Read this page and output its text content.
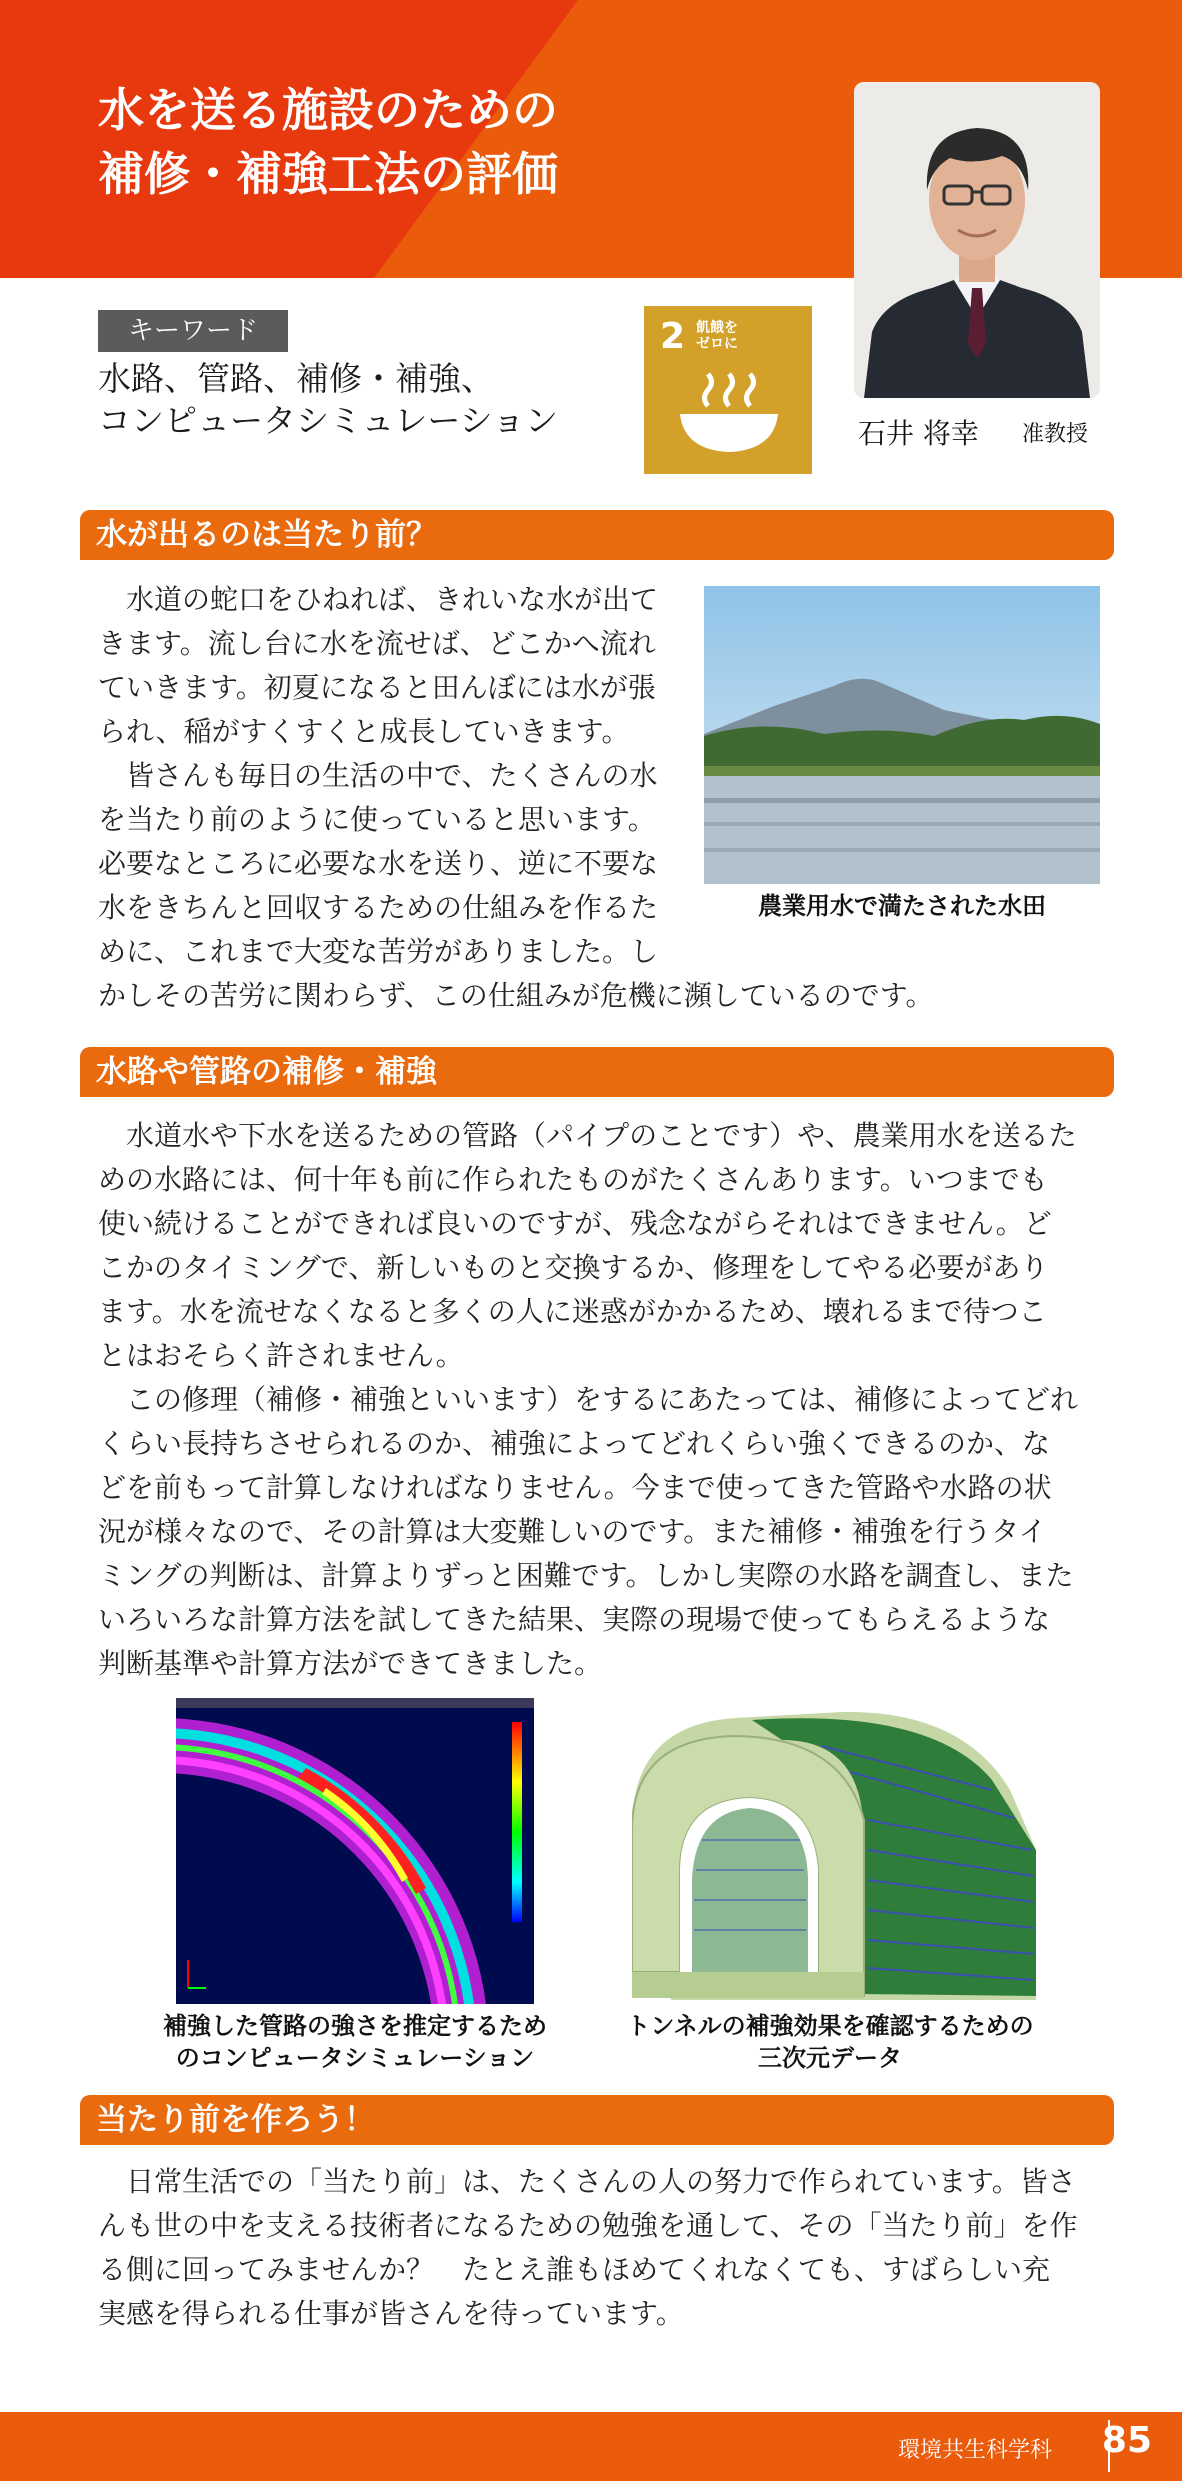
水を送る施設のための
補修・補強工法の評価
石井 将幸 准教授
キーワード
水路、管路、補修・補強、
コンピュータシミュレーション
2 飢餓を
ゼロに
水が出るのは当たり前？
水道の蛇口をひねれば、きれいな水が出て
きます。流し台に水を流せば、どこかへ流れ
ていきます。初夏になると田んぼには水が張
られ、稲がすくすくと成長していきます。
皆さんも毎日の生活の中で、たくさんの水
を当たり前のように使っていると思います。
必要なところに必要な水を送り、逆に不要な
水をきちんと回収するための仕組みを作るた
めに、これまで大変な苦労がありました。し
かしその苦労に関わらず、この仕組みが危機に瀕しているのです。
農業用水で満たされた水田
水路や管路の補修・補強
水道水や下水を送るための管路（パイプのことです）や、農業用水を送るた
めの水路には、何十年も前に作られたものがたくさんあります。いつまでも
使い続けることができれば良いのですが、残念ながらそれはできません。ど
こかのタイミングで、新しいものと交換するか、修理をしてやる必要があり
ます。水を流せなくなると多くの人に迷惑がかかるため、壊れるまで待つこ
とはおそらく許されません。
この修理（補修・補強といいます）をするにあたっては、補修によってどれ
くらい長持ちさせられるのか、補強によってどれくらい強くできるのか、な
どを前もって計算しなければなりません。今まで使ってきた管路や水路の状
況が様々なので、その計算は大変難しいのです。また補修・補強を行うタイ
ミングの判断は、計算よりずっと困難です。しかし実際の水路を調査し、また
いろいろな計算方法を試してきた結果、実際の現場で使ってもらえるような
判断基準や計算方法ができてきました。
補強した管路の強さを推定するため
のコンピュータシミュレーション
トンネルの補強効果を確認するための
三次元データ
当たり前を作ろう！
日常生活での「当たり前」は、たくさんの人の努力で作られています。皆さ
んも世の中を支える技術者になるための勉強を通して、その「当たり前」を作
る側に回ってみませんか？　たとえ誰もほめてくれなくても、すばらしい充
実感を得られる仕事が皆さんを待っています。
環境共生科学科 85
